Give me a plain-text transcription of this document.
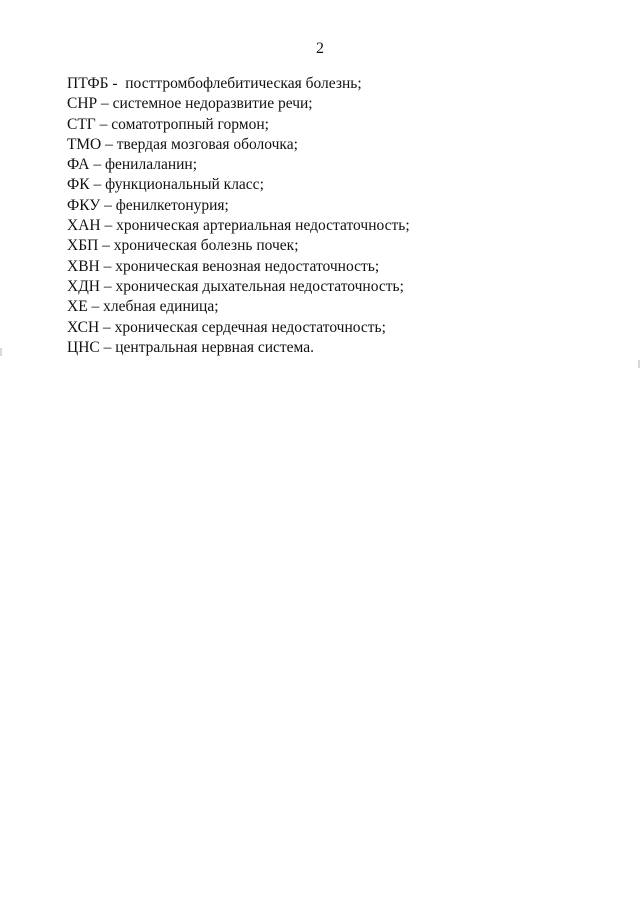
2
ПТФБ -  посттромбофлебитическая болезнь;
СНР – системное недоразвитие речи;
СТГ – соматотропный гормон;
ТМО – твердая мозговая оболочка;
ФА – фенилаланин;
ФК – функциональный класс;
ФКУ – фенилкетонурия;
ХАН – хроническая артериальная недостаточность;
ХБП – хроническая болезнь почек;
ХВН – хроническая венозная недостаточность;
ХДН – хроническая дыхательная недостаточность;
ХЕ – хлебная единица;
ХСН – хроническая сердечная недостаточность;
ЦНС – центральная нервная система.
